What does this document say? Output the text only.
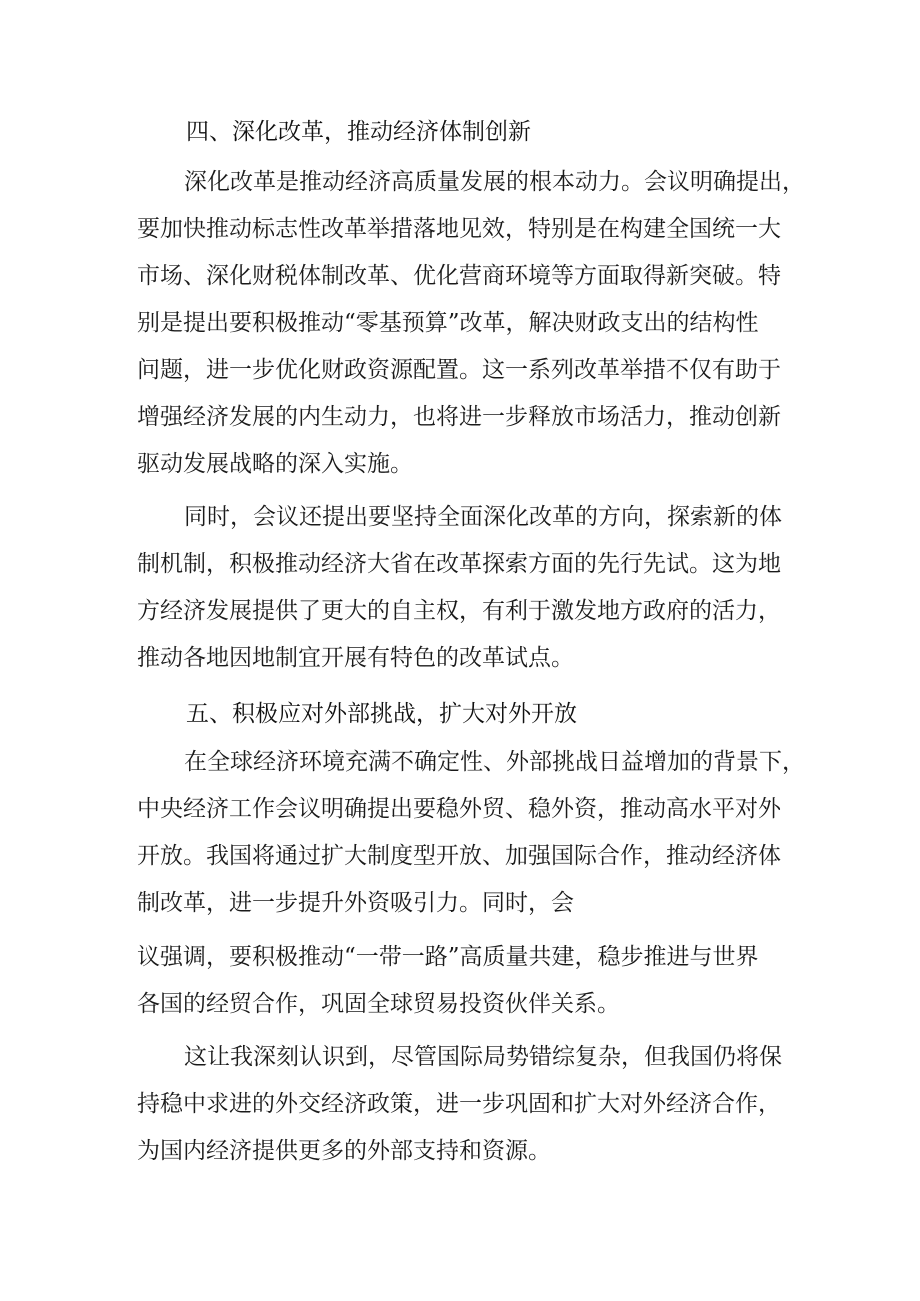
四、深化改革，推动经济体制创新
深化改革是推动经济高质量发展的根本动力。会议明确提出，
要加快推动标志性改革举措落地见效，特别是在构建全国统一大
市场、深化财税体制改革、优化营商环境等方面取得新突破。特
别是提出要积极推动“零基预算”改革，解决财政支出的结构性
问题，进一步优化财政资源配置。这一系列改革举措不仅有助于
增强经济发展的内生动力，也将进一步释放市场活力，推动创新
驱动发展战略的深入实施。
同时，会议还提出要坚持全面深化改革的方向，探索新的体
制机制，积极推动经济大省在改革探索方面的先行先试。这为地
方经济发展提供了更大的自主权，有利于激发地方政府的活力，
推动各地因地制宜开展有特色的改革试点。
五、积极应对外部挑战，扩大对外开放
在全球经济环境充满不确定性、外部挑战日益增加的背景下，
中央经济工作会议明确提出要稳外贸、稳外资，推动高水平对外
开放。我国将通过扩大制度型开放、加强国际合作，推动经济体
制改革，进一步提升外资吸引力。同时，会
议强调，要积极推动“一带一路”高质量共建，稳步推进与世界
各国的经贸合作，巩固全球贸易投资伙伴关系。
这让我深刻认识到，尽管国际局势错综复杂，但我国仍将保
持稳中求进的外交经济政策，进一步巩固和扩大对外经济合作，
为国内经济提供更多的外部支持和资源。
